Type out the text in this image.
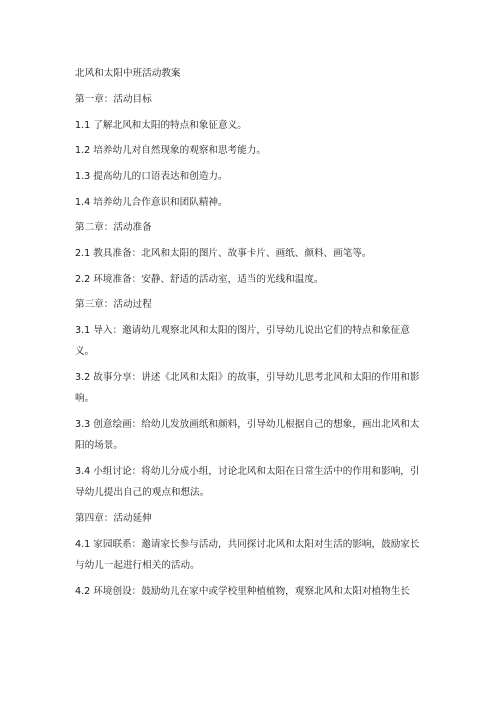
北风和太阳中班活动教案

第一章：活动目标

1.1 了解北风和太阳的特点和象征意义。

1.2 培养幼儿对自然现象的观察和思考能力。

1.3 提高幼儿的口语表达和创造力。

1.4 培养幼儿合作意识和团队精神。

第二章：活动准备

2.1 教具准备：北风和太阳的图片、故事卡片、画纸、颜料、画笔等。

2.2 环境准备：安静、舒适的活动室，适当的光线和温度。

第三章：活动过程

3.1 导入：邀请幼儿观察北风和太阳的图片，引导幼儿说出它们的特点和象征意义。

3.2 故事分享：讲述《北风和太阳》的故事，引导幼儿思考北风和太阳的作用和影响。

3.3 创意绘画：给幼儿发放画纸和颜料，引导幼儿根据自己的想象，画出北风和太阳的场景。

3.4 小组讨论：将幼儿分成小组，讨论北风和太阳在日常生活中的作用和影响，引导幼儿提出自己的观点和想法。

第四章：活动延伸

4.1 家园联系：邀请家长参与活动，共同探讨北风和太阳对生活的影响，鼓励家长与幼儿一起进行相关的活动。

4.2 环境创设：鼓励幼儿在家中或学校里种植植物，观察北风和太阳对植物生长
